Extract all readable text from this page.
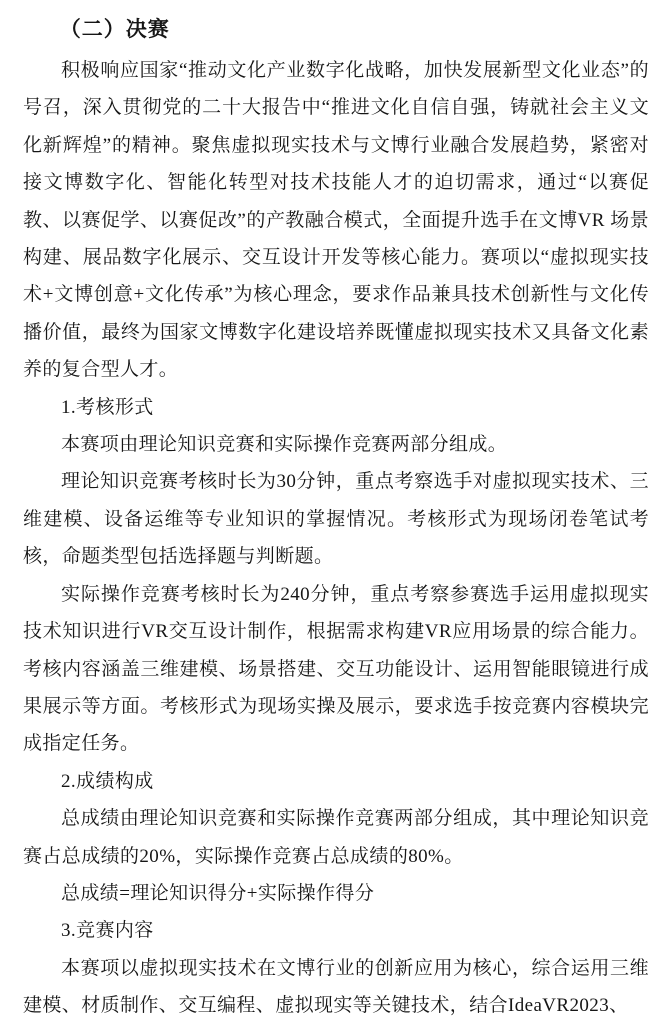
（二）决赛

积极响应国家“推动文化产业数字化战略，加快发展新型文化业态”的号召，深入贯彻党的二十大报告中“推进文化自信自强，铸就社会主义文化新辉煌”的精神。聚焦虚拟现实技术与文博行业融合发展趋势，紧密对接文博数字化、智能化转型对技术技能人才的迫切需求，通过“以赛促教、以赛促学、以赛促改”的产教融合模式，全面提升选手在文博VR 场景构建、展品数字化展示、交互设计开发等核心能力。赛项以“虚拟现实技术+文博创意+文化传承”为核心理念，要求作品兼具技术创新性与文化传播价值，最终为国家文博数字化建设培养既懂虚拟现实技术又具备文化素养的复合型人才。

1.考核形式

本赛项由理论知识竞赛和实际操作竞赛两部分组成。

理论知识竞赛考核时长为30分钟，重点考察选手对虚拟现实技术、三维建模、设备运维等专业知识的掌握情况。考核形式为现场闭卷笔试考核，命题类型包括选择题与判断题。

实际操作竞赛考核时长为240分钟，重点考察参赛选手运用虚拟现实技术知识进行VR交互设计制作，根据需求构建VR应用场景的综合能力。考核内容涵盖三维建模、场景搭建、交互功能设计、运用智能眼镜进行成果展示等方面。考核形式为现场实操及展示，要求选手按竞赛内容模块完成指定任务。

2.成绩构成

总成绩由理论知识竞赛和实际操作竞赛两部分组成，其中理论知识竞赛占总成绩的20%，实际操作竞赛占总成绩的80%。

总成绩=理论知识得分+实际操作得分

3.竞赛内容

本赛项以虚拟现实技术在文博行业的创新应用为核心，综合运用三维建模、材质制作、交互编程、虚拟现实等关键技术，结合IdeaVR2023、
